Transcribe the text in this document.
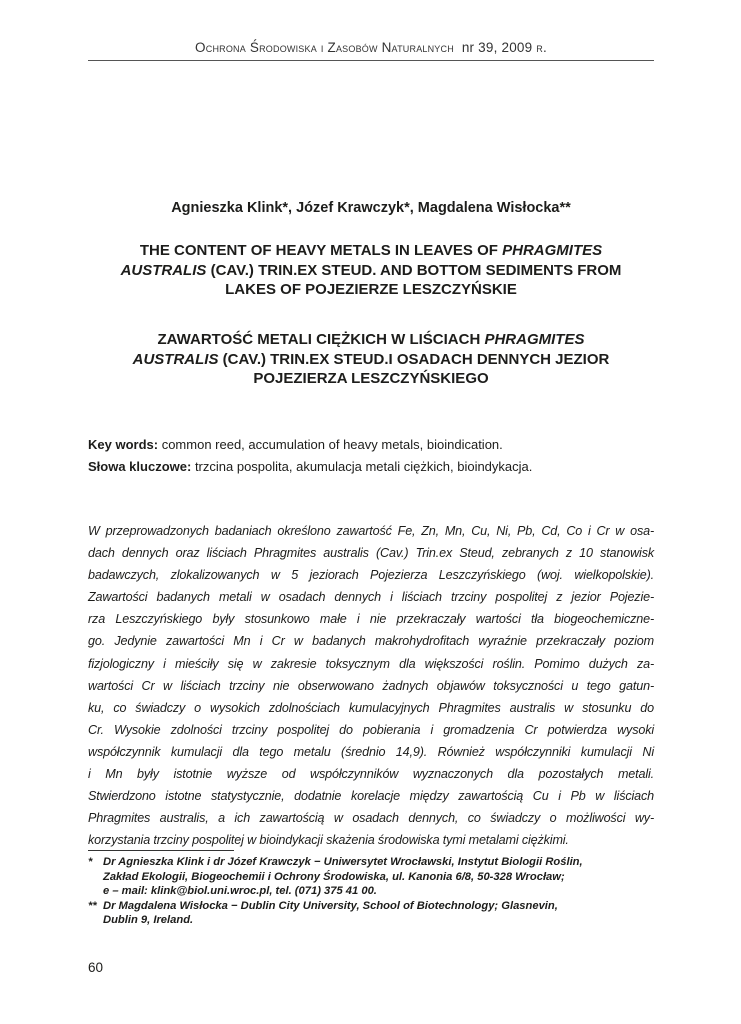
Ochrona Środowiska i Zasobów Naturalnych nr 39, 2009 r.
Agnieszka Klink*, Józef Krawczyk*, Magdalena Wisłocka**
THE CONTENT OF HEAVY METALS IN LEAVES OF PHRAGMITES
AUSTRALIS (CAV.) TRIN.EX STEUD. AND BOTTOM SEDIMENTS FROM
LAKES OF POJEZIERZE LESZCZYŃSKIE
ZAWARTOŚĆ METALI CIĘŻKICH W LIŚCIACH PHRAGMITES
AUSTRALIS (CAV.) TRIN.EX STEUD.I OSADACH DENNYCH JEZIOR
POJEZIERZA LESZCZYŃSKIEGO
Key words: common reed, accumulation of heavy metals, bioindication.
Słowa kluczowe: trzcina pospolita, akumulacja metali ciężkich, bioindykacja.
W przeprowadzonych badaniach określono zawartość Fe, Zn, Mn, Cu, Ni, Pb, Cd, Co i Cr w osa-
dach dennych oraz liściach Phragmites australis (Cav.) Trin.ex Steud, zebranych z 10 stanowisk
badawczych, zlokalizowanych w 5 jeziorach Pojezierza Leszczyńskiego (woj. wielkopolskie).
Zawartości badanych metali w osadach dennych i liściach trzciny pospolitej z jezior Pojezie-
rza Leszczyńskiego były stosunkowo małe i nie przekraczały wartości tła biogeochemiczne-
go. Jedynie zawartości Mn i Cr w badanych makrohydrofitach wyraźnie przekraczały poziom
fizjologiczny i mieściły się w zakresie toksycznym dla większości roślin. Pomimo dużych za-
wartości Cr w liściach trzciny nie obserwowano żadnych objawów toksyczności u tego gatun-
ku, co świadczy o wysokich zdolnościach kumulacyjnych Phragmites australis w stosunku do
Cr. Wysokie zdolności trzciny pospolitej do pobierania i gromadzenia Cr potwierdza wysoki
współczynnik kumulacji dla tego metalu (średnio 14,9). Również współczynniki kumulacji Ni
i Mn były istotnie wyższe od współczynników wyznaczonych dla pozostałych metali.
Stwierdzono istotne statystycznie, dodatnie korelacje między zawartością Cu i Pb w liściach
Phragmites australis, a ich zawartością w osadach dennych, co świadczy o możliwości wy-
korzystania trzciny pospolitej w bioindykacji skażenia środowiska tymi metalami ciężkimi.
* Dr Agnieszka Klink i dr Józef Krawczyk − Uniwersytet Wrocławski, Instytut Biologii Roślin,
Zakład Ekologii, Biogeochemii i Ochrony Środowiska, ul. Kanonia 6/8, 50-328 Wrocław;
e – mail: klink@biol.uni.wroc.pl, tel. (071) 375 41 00.
** Dr Magdalena Wisłocka − Dublin City University, School of Biotechnology; Glasnevin,
Dublin 9, Ireland.
60
